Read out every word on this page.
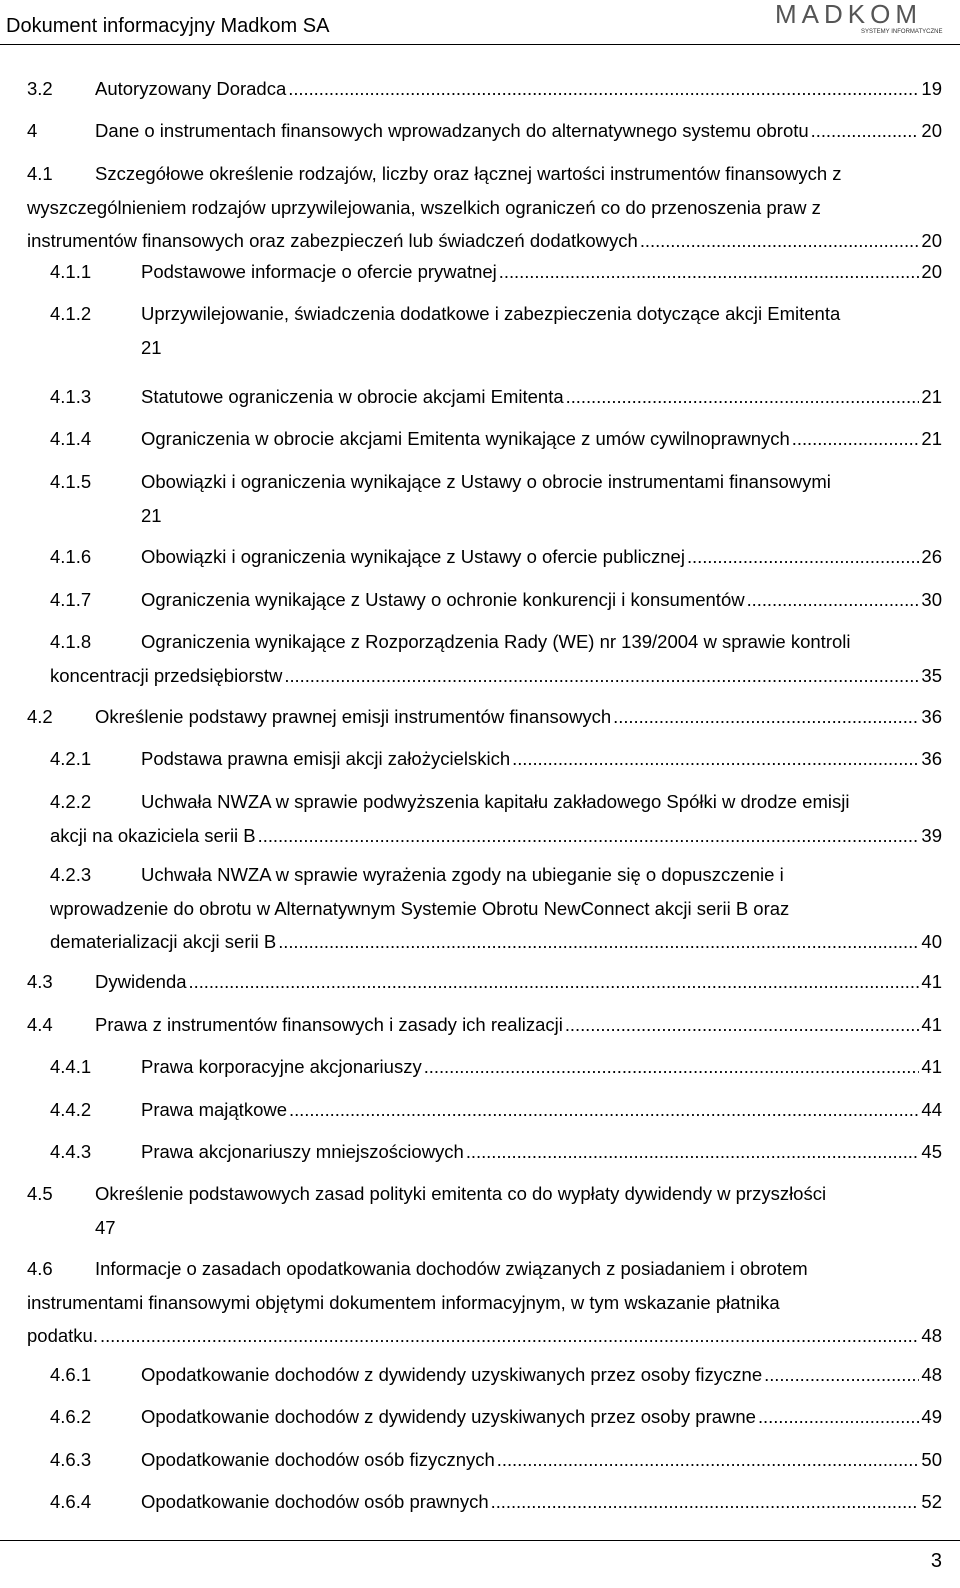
Dokument informacyjny Madkom SA	MADKOM
SYSTEMY INFORMATYCZNE
3.2 Autoryzowany Doradca . . .	19
4	Dane o instrumentach finansowych wprowadzanych do alternatywnego systemu obrotu . . .	20
4.1 Szczegółowe określenie rodzajów, liczby oraz łącznej wartości instrumentów finansowych z
wyszczególnieniem rodzajów uprzywilejowania, wszelkich ograniczeń co do przenoszenia praw z
instrumentów finansowych oraz zabezpieczeń lub świadczeń dodatkowych . . .	20
4.1.1	Podstawowe informacje o ofercie prywatnej . . .	20
4.1.2	Uprzywilejowanie, świadczenia dodatkowe i zabezpieczenia dotyczące akcji Emitenta
21
4.1.3	Statutowe ograniczenia w obrocie akcjami Emitenta . . .	21
4.1.4	Ograniczenia w obrocie akcjami Emitenta wynikające z umów cywilnoprawnych . . .	21
4.1.5	Obowiązki i ograniczenia wynikające z Ustawy o obrocie instrumentami finansowymi
21
4.1.6	Obowiązki i ograniczenia wynikające z Ustawy o ofercie publicznej . . .	26
4.1.7	Ograniczenia wynikające z Ustawy o ochronie konkurencji i konsumentów . . .	30
4.1.8	Ograniczenia wynikające z Rozporządzenia Rady (WE) nr 139/2004 w sprawie kontroli
koncentracji przedsiębiorstw . . .	35
4.2 Określenie podstawy prawnej emisji instrumentów finansowych . . .	36
4.2.1	Podstawa prawna emisji akcji założycielskich . . .	36
4.2.2	Uchwała NWZA w sprawie podwyższenia kapitału zakładowego Spółki w drodze emisji
akcji na okaziciela serii B . . .	39
4.2.3	Uchwała NWZA w sprawie wyrażenia zgody na ubieganie się o dopuszczenie i
wprowadzenie do obrotu w Alternatywnym Systemie Obrotu NewConnect akcji serii B oraz
dematerializacji akcji serii B . . .	40
4.3 Dywidenda . . .	41
4.4 Prawa z instrumentów finansowych i zasady ich realizacji . . .	41
4.4.1	Prawa korporacyjne akcjonariuszy . . .	41
4.4.2	Prawa majątkowe . . .	44
4.4.3	Prawa akcjonariuszy mniejszościowych . . .	45
4.5 Określenie podstawowych zasad polityki emitenta co do wypłaty dywidendy w przyszłości
47
4.6 Informacje o zasadach opodatkowania dochodów związanych z posiadaniem i obrotem
instrumentami finansowymi objętymi dokumentem informacyjnym, w tym wskazanie płatnika
podatku. . . .	48
4.6.1	Opodatkowanie dochodów z dywidendy uzyskiwanych przez osoby fizyczne . . .	48
4.6.2	Opodatkowanie dochodów z dywidendy uzyskiwanych przez osoby prawne . . .	49
4.6.3	Opodatkowanie dochodów osób fizycznych . . .	50
4.6.4	Opodatkowanie dochodów osób prawnych . . .	52
3
